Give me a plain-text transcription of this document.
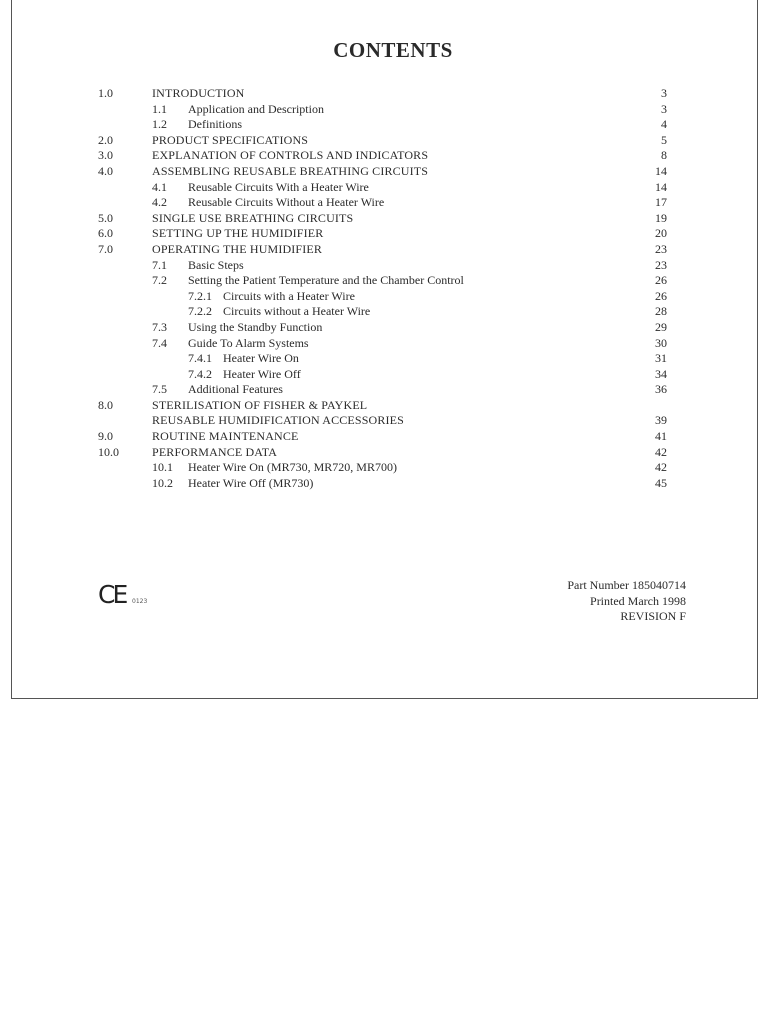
CONTENTS
1.0	INTRODUCTION	3
1.1 Application and Description	3
1.2 Definitions	4
2.0	PRODUCT SPECIFICATIONS	5
3.0	EXPLANATION OF CONTROLS AND INDICATORS	8
4.0	ASSEMBLING REUSABLE BREATHING CIRCUITS	14
4.1 Reusable Circuits With a Heater Wire	14
4.2 Reusable Circuits Without a Heater Wire	17
5.0	SINGLE USE BREATHING CIRCUITS	19
6.0	SETTING UP THE HUMIDIFIER	20
7.0	OPERATING THE HUMIDIFIER	23
7.1 Basic Steps	23
7.2 Setting the Patient Temperature and the Chamber Control	26
7.2.1 Circuits with a Heater Wire	26
7.2.2 Circuits without a Heater Wire	28
7.3 Using the Standby Function	29
7.4 Guide To Alarm Systems	30
7.4.1 Heater Wire On	31
7.4.2 Heater Wire Off	34
7.5 Additional Features	36
8.0	STERILISATION OF FISHER & PAYKEL
REUSABLE HUMIDIFICATION ACCESSORIES	39
9.0	ROUTINE MAINTENANCE	41
10.0	PERFORMANCE DATA	42
10.1 Heater Wire On (MR730, MR720, MR700)	42
10.2 Heater Wire Off (MR730)	45
CE 0123
Part Number 185040714
Printed March 1998
REVISION F
